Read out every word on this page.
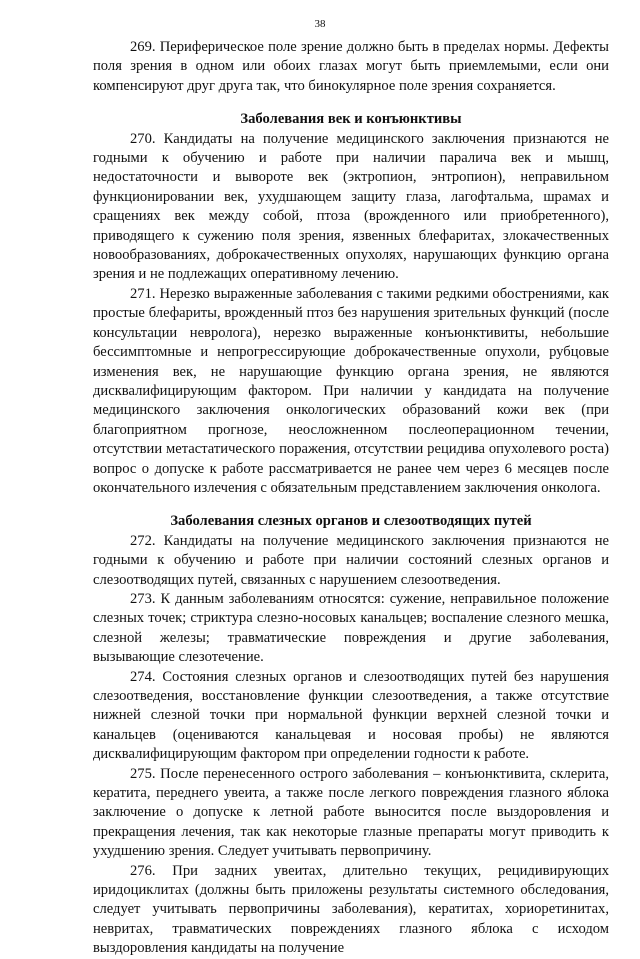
38

269. Периферическое поле зрение должно быть в пределах нормы. Дефекты поля зрения в одном или обоих глазах могут быть приемлемыми, если они компенсируют друг друга так, что бинокулярное поле зрения сохраняется.

Заболевания век и конъюнктивы

270. Кандидаты на получение медицинского заключения признаются не годными к обучению и работе при наличии паралича век и мышц, недостаточности и вывороте век (эктропион, энтропион), неправильном функционировании век, ухудшающем защиту глаза, лагофтальма, шрамах и сращениях век между собой, птоза (врожденного или приобретенного), приводящего к сужению поля зрения, язвенных блефаритах, злокачественных новообразованиях, доброкачественных опухолях, нарушающих функцию органа зрения и не подлежащих оперативному лечению.

271. Нерезко выраженные заболевания с такими редкими обострениями, как простые блефариты, врожденный птоз без нарушения зрительных функций (после консультации невролога), нерезко выраженные конъюнктивиты, небольшие бессимптомные и непрогрессирующие доброкачественные опухоли, рубцовые изменения век, не нарушающие функцию органа зрения, не являются дисквалифицирующим фактором. При наличии у кандидата на получение медицинского заключения онкологических образований кожи век (при благоприятном прогнозе, неосложненном послеоперационном течении, отсутствии метастатического поражения, отсутствии рецидива опухолевого роста) вопрос о допуске к работе рассматривается не ранее чем через 6 месяцев после окончательного излечения с обязательным представлением заключения онколога.

Заболевания слезных органов и слезоотводящих путей

272. Кандидаты на получение медицинского заключения признаются не годными к обучению и работе при наличии состояний слезных органов и слезоотводящих путей, связанных с нарушением слезоотведения.

273. К данным заболеваниям относятся: сужение, неправильное положение слезных точек; стриктура слезно-носовых канальцев; воспаление слезного мешка, слезной железы; травматические повреждения и другие заболевания, вызывающие слезотечение.

274. Состояния слезных органов и слезоотводящих путей без нарушения слезоотведения, восстановление функции слезоотведения, а также отсутствие нижней слезной точки при нормальной функции верхней слезной точки и канальцев (оцениваются канальцевая и носовая пробы) не являются дисквалифицирующим фактором при определении годности к работе.

275. После перенесенного острого заболевания – конъюнктивита, склерита, кератита, переднего увеита, а также после легкого повреждения глазного яблока заключение о допуске к летной работе выносится после выздоровления и прекращения лечения, так как некоторые глазные препараты могут приводить к ухудшению зрения. Следует учитывать первопричину.

276. При задних увеитах, длительно текущих, рецидивирующих иридоциклитах (должны быть приложены результаты системного обследования, следует учитывать первопричины заболевания), кератитах, хориоретинитах, невритах, травматических повреждениях глазного яблока с исходом выздоровления кандидаты на получение
